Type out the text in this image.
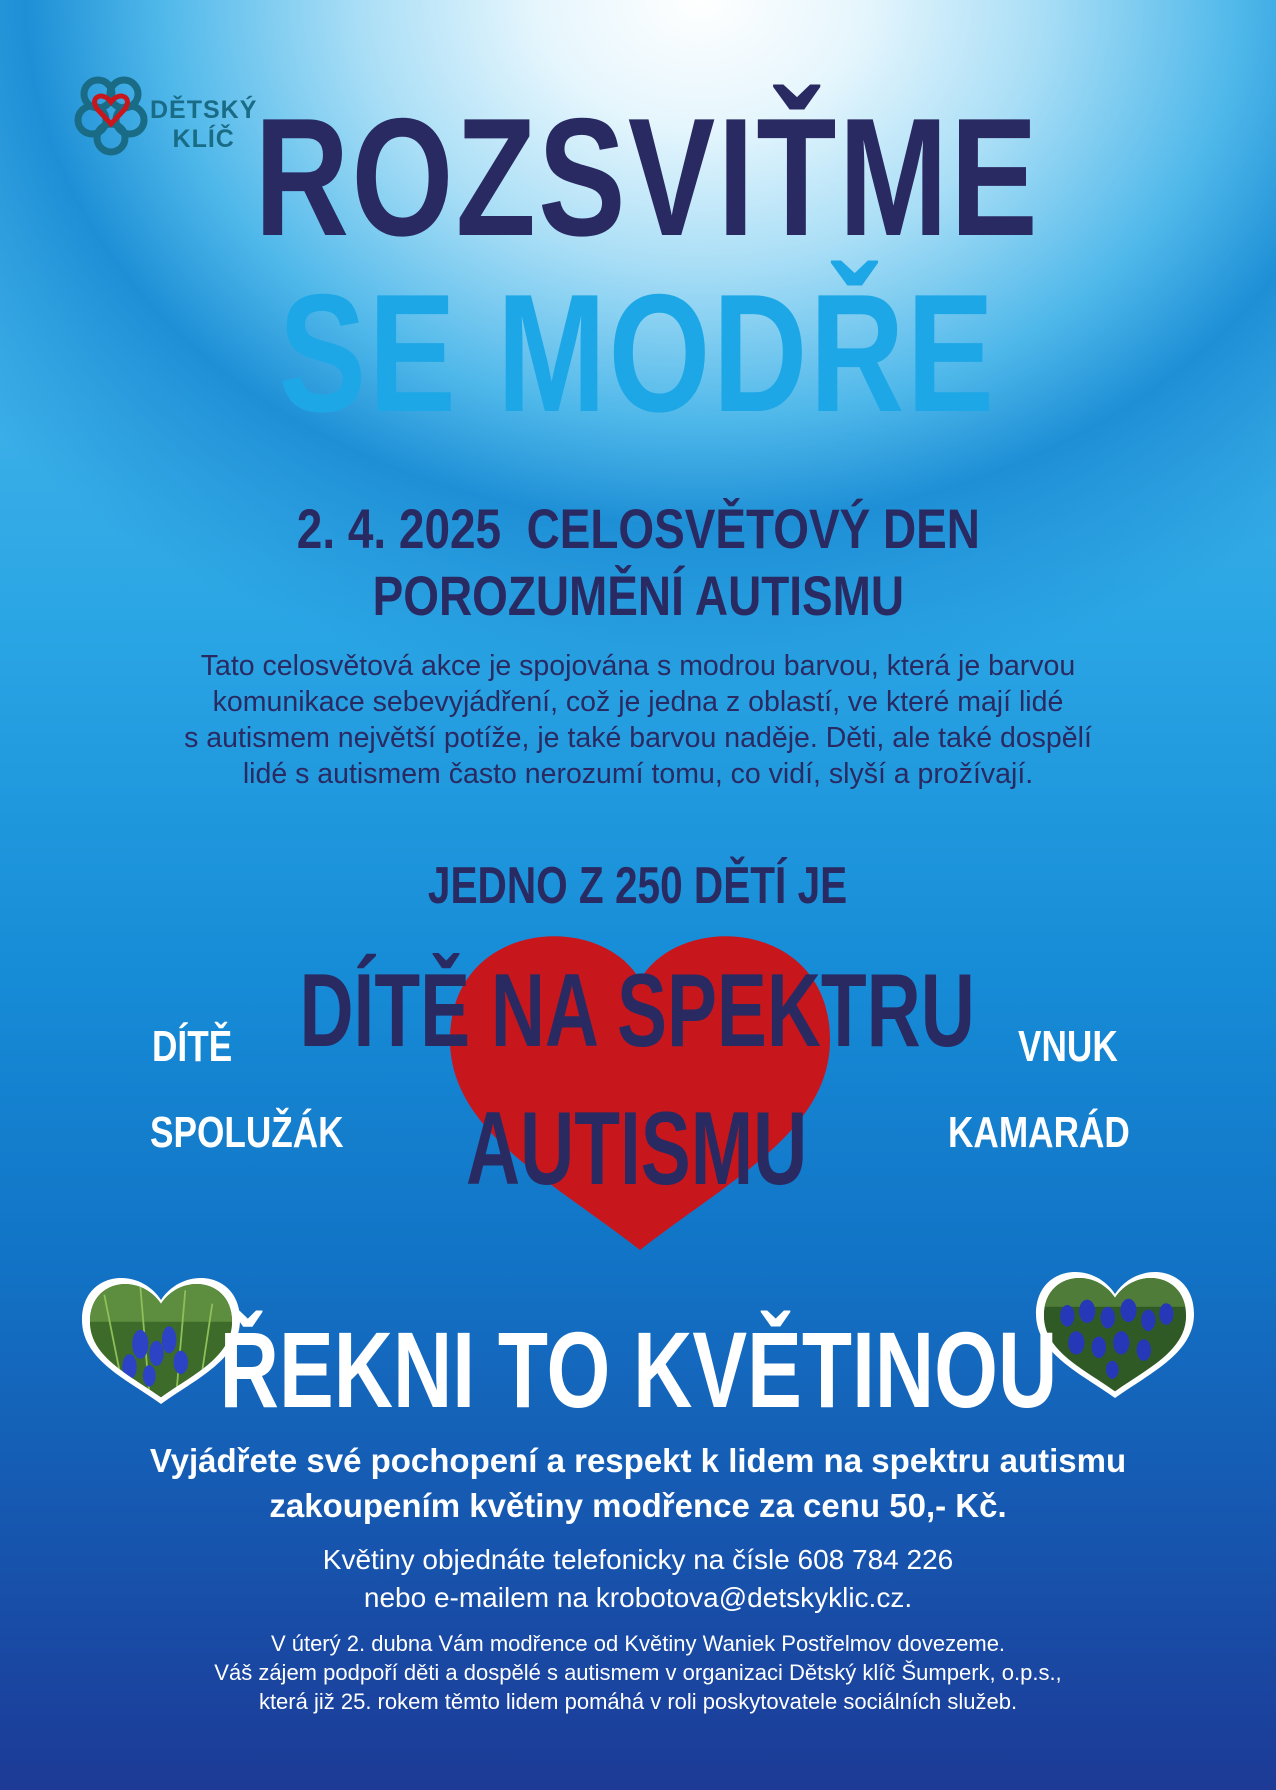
DĚTSKÝ
KLÍČ ROZSVIŤME
SE MODŘE
2. 4. 2025  CELOSVĚTOVÝ DEN
POROZUMĚNÍ AUTISMU

Tato celosvětová akce je spojována s modrou barvou, která je barvou

komunikace sebevyjádření, což je jedna z oblastí, ve které mají lidé

s autismem největší potíže, je také barvou naděje. Děti, ale také dospělí

lidé s autismem často nerozumí tomu, co vidí, slyší a prožívají.

JEDNO Z 250 DĚTÍ JE
DÍTĚ NA SPEKTRU
AUTISMU
DÍTĚ
SPOLUŽÁK
VNUK
KAMARÁD
ŘEKNI TO KVĚTINOU
Vyjádřete své pochopení a respekt k lidem na spektru autismu
zakoupením květiny modřence za cenu 50,- Kč.
Květiny objednáte telefonicky na čísle 608 784 226
nebo e-mailem na krobotova@detskyklic.cz.
V úterý 2. dubna Vám modřence od Květiny Waniek Postřelmov dovezeme.
Váš zájem podpoří děti a dospělé s autismem v organizaci Dětský klíč Šumperk, o.p.s.,
která již 25. rokem těmto lidem pomáhá v roli poskytovatele sociálních služeb.
